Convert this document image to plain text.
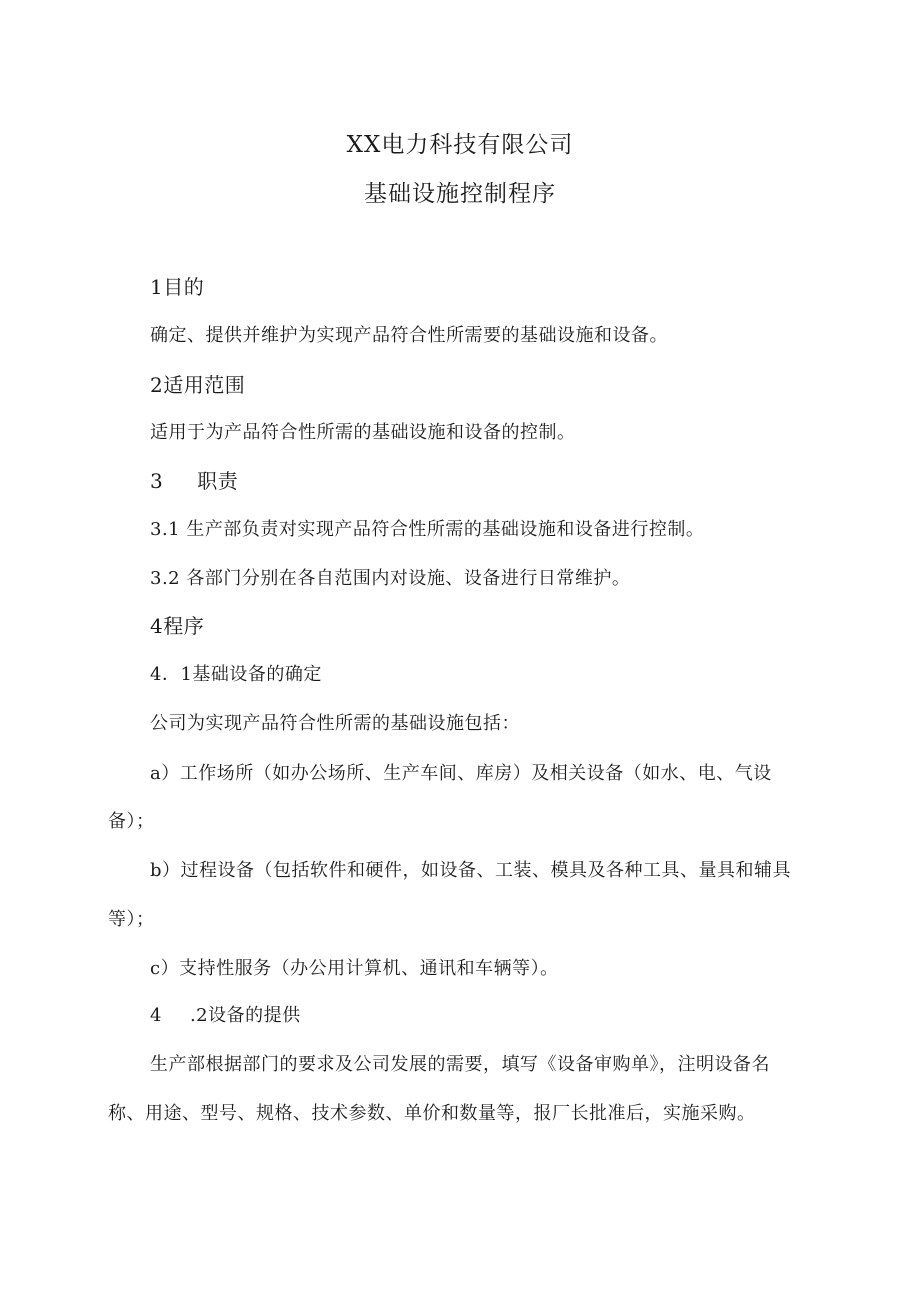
XX电力科技有限公司
基础设施控制程序
1目的
确定、提供并维护为实现产品符合性所需要的基础设施和设备。
2适用范围
适用于为产品符合性所需的基础设施和设备的控制。
3 职责
3.1 生产部负责对实现产品符合性所需的基础设施和设备进行控制。
3.2 各部门分别在各自范围内对设施、设备进行日常维护。
4程序
4．1基础设备的确定
公司为实现产品符合性所需的基础设施包括：
a）工作场所（如办公场所、生产车间、库房）及相关设备（如水、电、气设
备）；
b）过程设备（包括软件和硬件，如设备、工装、模具及各种工具、量具和辅具
等）；
c）支持性服务（办公用计算机、通讯和车辆等）。
4 .2设备的提供
生产部根据部门的要求及公司发展的需要，填写《设备审购单》，注明设备名
称、用途、型号、规格、技术参数、单价和数量等，报厂长批准后，实施采购。
